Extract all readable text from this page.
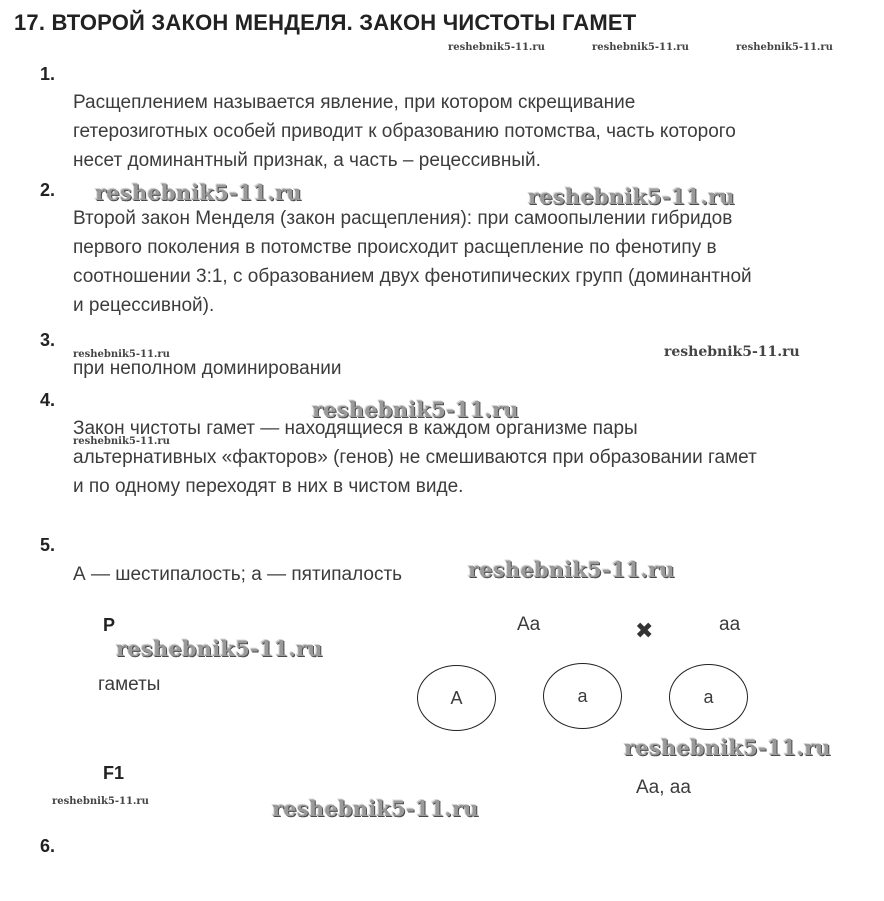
17. ВТОРОЙ ЗАКОН МЕНДЕЛЯ. ЗАКОН ЧИСТОТЫ ГАМЕТ
reshebnik5-11.ru	reshebnik5-11.ru	reshebnik5-11.ru
1.
Расщеплением называется явление, при котором скрещивание
гетерозиготных особей приводит к образованию потомства, часть которого
несет доминантный признак, а часть – рецессивный.
2. reshebnik5-11.ru	reshebnik5-11.ru
Второй закон Менделя (закон расщепления): при самоопылении гибридов
первого поколения в потомстве происходит расщепление по фенотипу в
соотношении 3:1, с образованием двух фенотипических групп (доминантной
и рецессивной).
3.
reshebnik5-11.ru	reshebnik5-11.ru
при неполном доминировании
4.	reshebnik5-11.ru
Закон чистоты гамет — находящиеся в каждом организме пары
альтернативных «факторов» (генов) не смешиваются при образовании гамет
и по одному переходят в них в чистом виде.
reshebnik5-11.ru
5.
А — шестипалость; а — пятипалость	reshebnik5-11.ru
P	Aa	✖	aa
reshebnik5-11.ru
гаметы
A	a	a
reshebnik5-11.ru
F1
Aa, aa
reshebnik5-11.ru	reshebnik5-11.ru
6.
